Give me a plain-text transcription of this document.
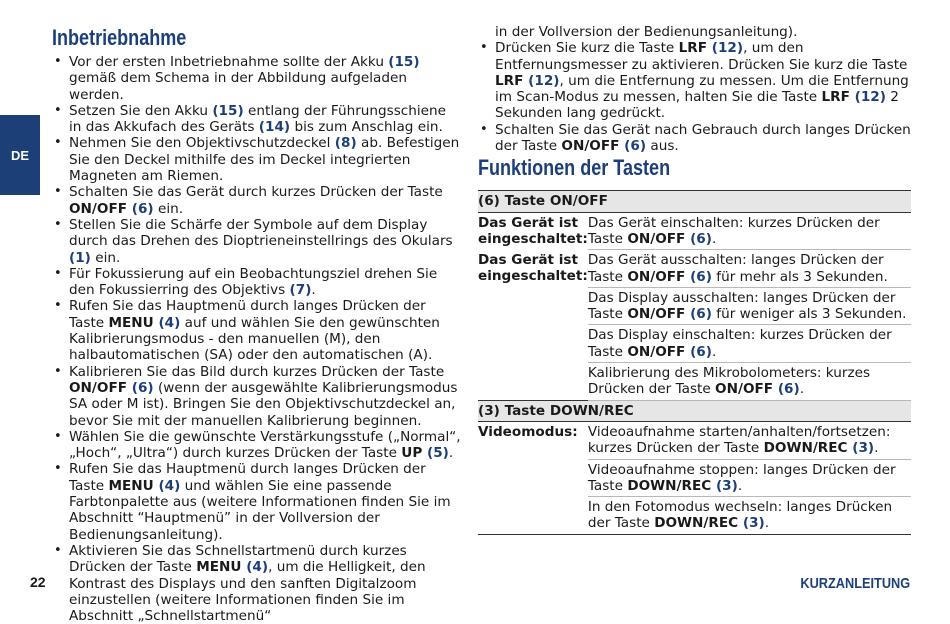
DE
Inbetriebnahme
• Vor der ersten Inbetriebnahme sollte der Akku (15) gemäß dem Schema in der Abbildung aufgeladen werden.
• Setzen Sie den Akku (15) entlang der Führungsschiene in das Akkufach des Geräts (14) bis zum Anschlag ein.
• Nehmen Sie den Objektivschutzdeckel (8) ab. Befestigen Sie den Deckel mithilfe des im Deckel integrierten Magneten am Riemen.
• Schalten Sie das Gerät durch kurzes Drücken der Taste ON/OFF (6) ein.
• Stellen Sie die Schärfe der Symbole auf dem Display durch das Drehen des Dioptrieneinstellrings des Okulars (1) ein.
• Für Fokussierung auf ein Beobachtungsziel drehen Sie den Fokussierring des Objektivs (7).
• Rufen Sie das Hauptmenü durch langes Drücken der Taste MENU (4) auf und wählen Sie den gewünschten Kalibrierungsmodus - den manuellen (M), den halbautomatischen (SA) oder den automatischen (A).
• Kalibrieren Sie das Bild durch kurzes Drücken der Taste ON/OFF (6) (wenn der ausgewählte Kalibrierungsmodus SA oder M ist). Bringen Sie den Objektivschutzdeckel an, bevor Sie mit der manuellen Kalibrierung beginnen.
• Wählen Sie die gewünschte Verstärkungsstufe („Normal“, „Hoch“, „Ultra“) durch kurzes Drücken der Taste UP (5).
• Rufen Sie das Hauptmenü durch langes Drücken der Taste MENU (4) und wählen Sie eine passende Farbtonpalette aus (weitere Informationen finden Sie im Abschnitt “Hauptmenü” in der Vollversion der Bedienungsanleitung).
• Aktivieren Sie das Schnellstartmenü durch kurzes Drücken der Taste MENU (4), um die Helligkeit, den Kontrast des Displays und den sanften Digitalzoom einzustellen (weitere Informationen finden Sie im Abschnitt „Schnellstartmenü“
in der Vollversion der Bedienungsanleitung).
• Drücken Sie kurz die Taste LRF (12), um den Entfernungsmesser zu aktivieren. Drücken Sie kurz die Taste LRF (12), um die Entfernung zu messen. Um die Entfernung im Scan-Modus zu messen, halten Sie die Taste LRF (12) 2 Sekunden lang gedrückt.
• Schalten Sie das Gerät nach Gebrauch durch langes Drücken der Taste ON/OFF (6) aus.
Funktionen der Tasten
(6) Taste ON/OFF	
Das Gerät ist eingeschaltet:	Das Gerät einschalten: kurzes Drücken der Taste ON/OFF (6).
Das Gerät ist eingeschaltet:	Das Gerät ausschalten: langes Drücken der Taste ON/OFF (6) für mehr als 3 Sekunden.
	Das Display ausschalten: langes Drücken der Taste ON/OFF (6) für weniger als 3 Sekunden.
	Das Display einschalten: kurzes Drücken der Taste ON/OFF (6).
	Kalibrierung des Mikrobolometers: kurzes Drücken der Taste ON/OFF (6).
(3) Taste DOWN/REC	
Videomodus:	Videoaufnahme starten/anhalten/fortsetzen: kurzes Drücken der Taste DOWN/REC (3).
	Videoaufnahme stoppen: langes Drücken der Taste DOWN/REC (3).
	In den Fotomodus wechseln: langes Drücken der Taste DOWN/REC (3).
22	KURZANLEITUNG
